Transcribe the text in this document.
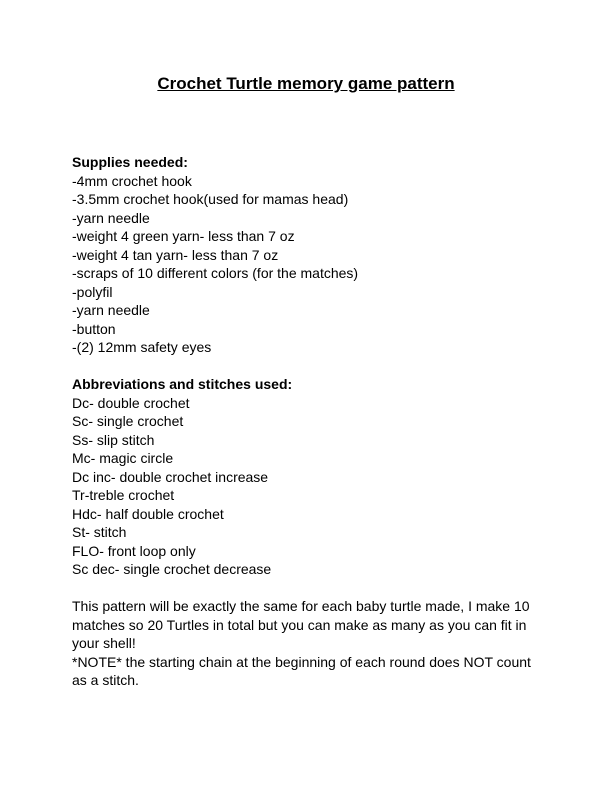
Crochet Turtle memory game pattern

Supplies needed:

-4mm crochet hook
-3.5mm crochet hook(used for mamas head)
-yarn needle
-weight 4 green yarn- less than 7 oz
-weight 4 tan yarn- less than 7 oz
-scraps of 10 different colors (for the matches)
-polyfil
-yarn needle
-button
-(2) 12mm safety eyes

Abbreviations and stitches used:

Dc- double crochet
Sc- single crochet
Ss- slip stitch
Mc- magic circle
Dc inc- double crochet increase
Tr-treble crochet
Hdc- half double crochet
St- stitch
FLO- front loop only
Sc dec- single crochet decrease

This pattern will be exactly the same for each baby turtle made, I make 10 matches so 20 Turtles in total but you can make as many as you can fit in your shell!

*NOTE* the starting chain at the beginning of each round does NOT count as a stitch.
